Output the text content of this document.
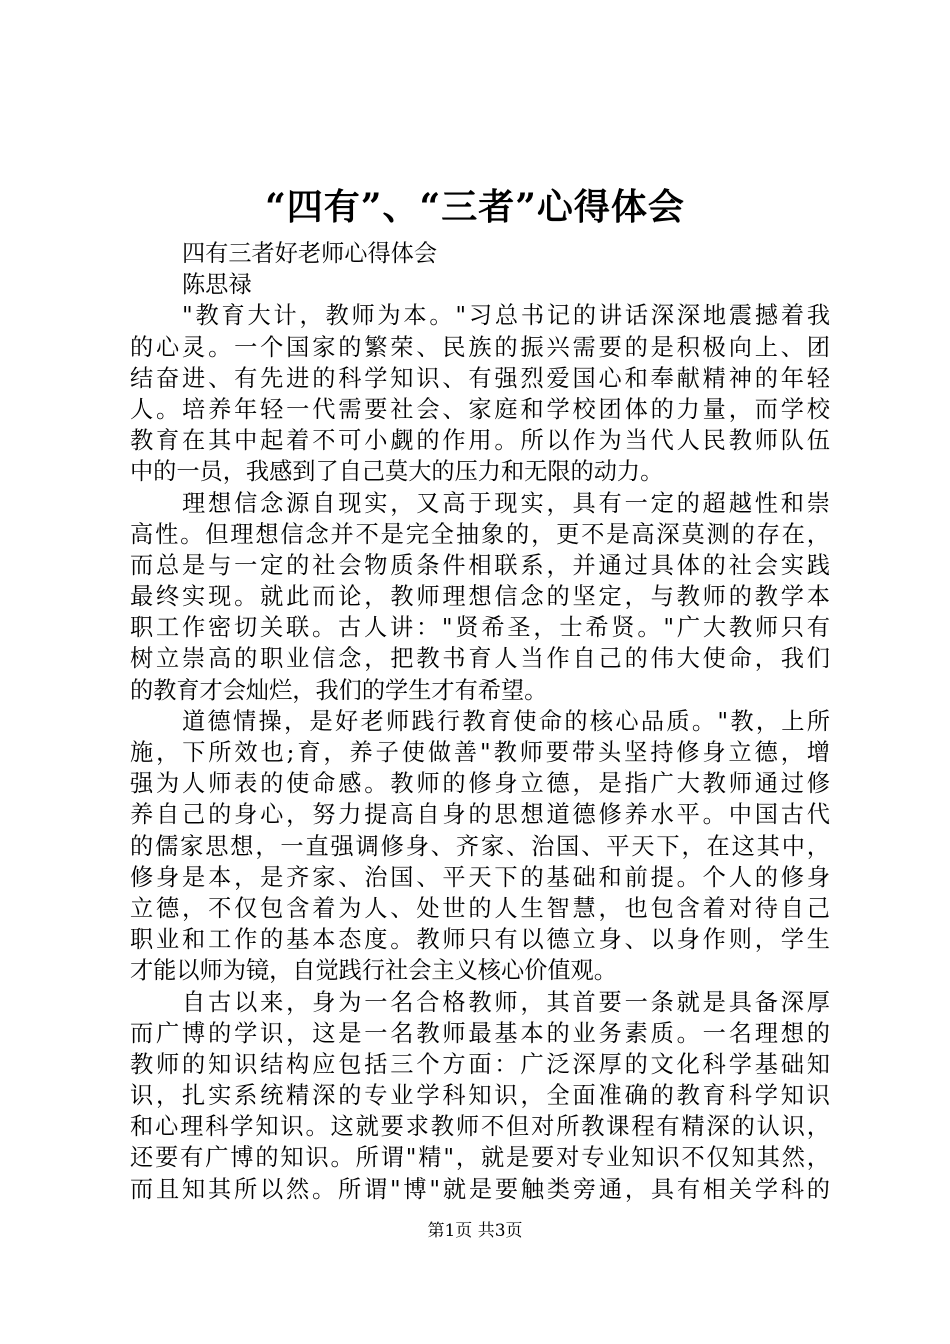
“四有”、“三者”心得体会
四有三者好老师心得体会
陈思禄
"教育大计，教师为本。"习总书记的讲话深深地震撼着我
的心灵。一个国家的繁荣、民族的振兴需要的是积极向上、团
结奋进、有先进的科学知识、有强烈爱国心和奉献精神的年轻
人。培养年轻一代需要社会、家庭和学校团体的力量，而学校
教育在其中起着不可小觑的作用。所以作为当代人民教师队伍
中的一员，我感到了自己莫大的压力和无限的动力。
理想信念源自现实，又高于现实，具有一定的超越性和崇
高性。但理想信念并不是完全抽象的，更不是高深莫测的存在，
而总是与一定的社会物质条件相联系，并通过具体的社会实践
最终实现。就此而论，教师理想信念的坚定，与教师的教学本
职工作密切关联。古人讲："贤希圣，士希贤。"广大教师只有
树立崇高的职业信念，把教书育人当作自己的伟大使命，我们
的教育才会灿烂，我们的学生才有希望。
道德情操，是好老师践行教育使命的核心品质。"教，上所
施，下所效也;育，养子使做善"教师要带头坚持修身立德，增
强为人师表的使命感。教师的修身立德，是指广大教师通过修
养自己的身心，努力提高自身的思想道德修养水平。中国古代
的儒家思想，一直强调修身、齐家、治国、平天下，在这其中，
修身是本，是齐家、治国、平天下的基础和前提。个人的修身
立德，不仅包含着为人、处世的人生智慧，也包含着对待自己
职业和工作的基本态度。教师只有以德立身、以身作则，学生
才能以师为镜，自觉践行社会主义核心价值观。
自古以来，身为一名合格教师，其首要一条就是具备深厚
而广博的学识，这是一名教师最基本的业务素质。一名理想的
教师的知识结构应包括三个方面：广泛深厚的文化科学基础知
识，扎实系统精深的专业学科知识，全面准确的教育科学知识
和心理科学知识。这就要求教师不但对所教课程有精深的认识，
还要有广博的知识。所谓"精"，就是要对专业知识不仅知其然，
而且知其所以然。所谓"博"就是要触类旁通，具有相关学科的
第1页 共3页
